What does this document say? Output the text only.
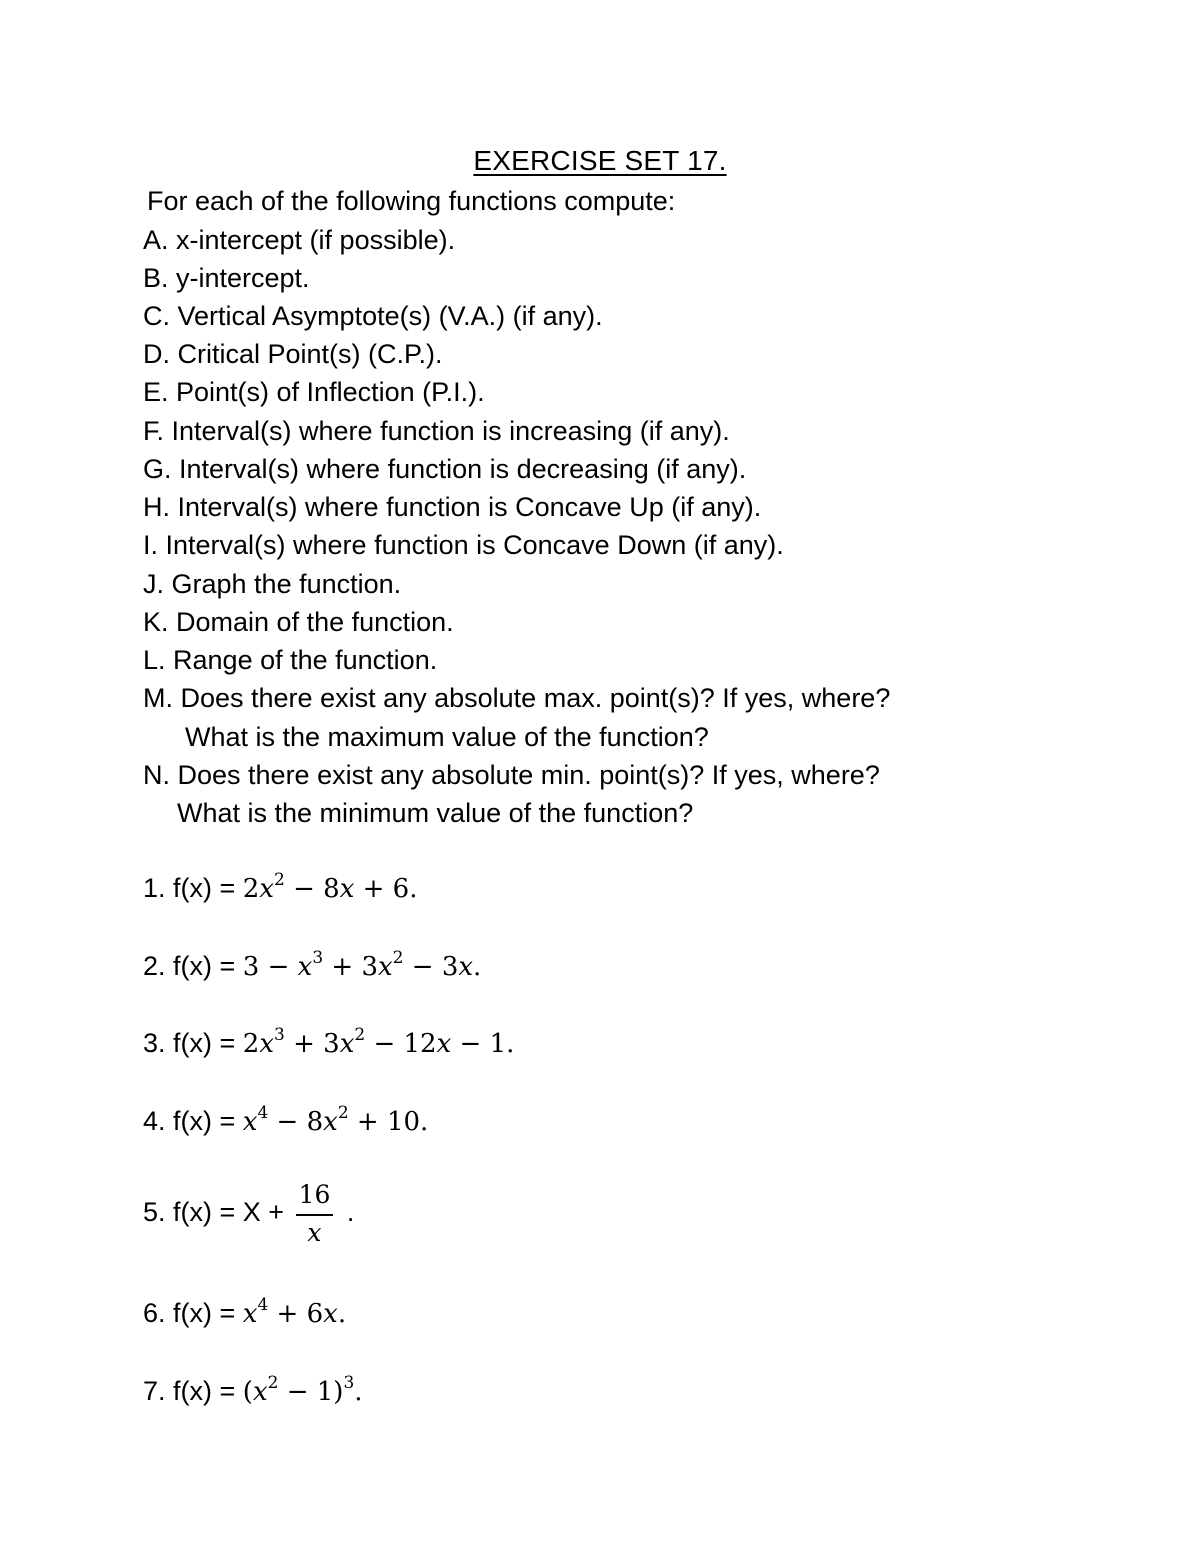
EXERCISE SET 17.
For each of the following functions compute:
A. x-intercept (if possible).
B. y-intercept.
C. Vertical Asymptote(s) (V.A.) (if any).
D. Critical Point(s) (C.P.).
E. Point(s) of Inflection (P.I.).
F. Interval(s) where function is increasing (if any).
G. Interval(s) where function is decreasing (if any).
H. Interval(s) where function is Concave Up (if any).
I. Interval(s) where function is Concave Down (if any).
J. Graph the function.
K. Domain of the function.
L. Range of the function.
M. Does there exist any absolute max. point(s)? If yes, where?
What is the maximum value of the function?
N. Does there exist any absolute min. point(s)? If yes, where?
What is the minimum value of the function?
1. $f(x) = 2x^2 - 8x + 6$.
2. $f(x) = 3 - x^3 + 3x^2 - 3x$.
3. $f(x) = 2x^3 + 3x^2 - 12x - 1$.
4. $f(x) = x^4 - 8x^2 + 10$.
5. $f(x) = X + \frac{16}{x}$ .
6. $f(x) = x^4 + 6x$.
7. $f(x) = (x^2 - 1)^3$.
